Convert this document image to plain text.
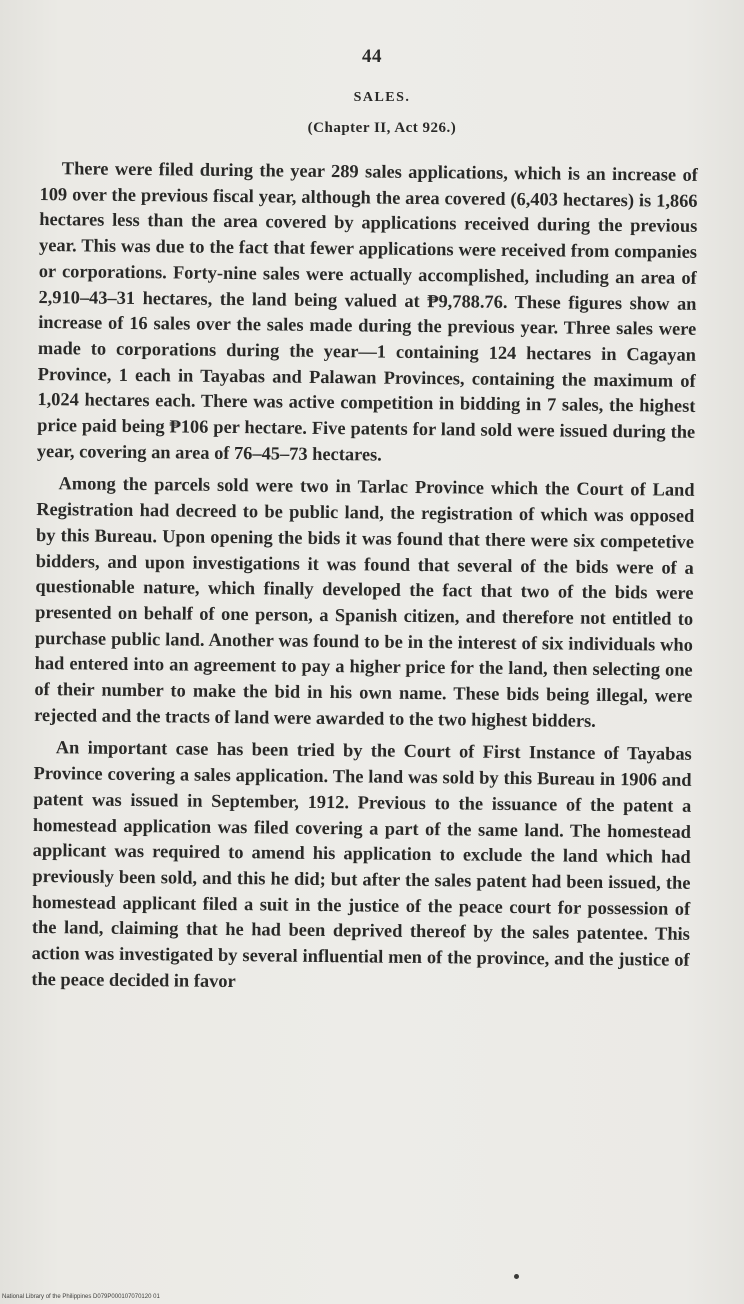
44
SALES.
(Chapter II, Act 926.)

There were filed during the year 289 sales applications, which is an increase of 109 over the previous fiscal year, although the area covered (6,403 hectares) is 1,866 hectares less than the area covered by applications received during the previous year. This was due to the fact that fewer applications were received from companies or corporations. Forty-nine sales were actually accomplished, including an area of 2,910–43–31 hectares, the land being valued at ₱9,788.76. These figures show an increase of 16 sales over the sales made during the previous year. Three sales were made to corporations during the year—1 containing 124 hectares in Cagayan Province, 1 each in Tayabas and Palawan Provinces, containing the maximum of 1,024 hectares each. There was active competition in bidding in 7 sales, the highest price paid being ₱106 per hectare. Five patents for land sold were issued during the year, covering an area of 76–45–73 hectares.

Among the parcels sold were two in Tarlac Province which the Court of Land Registration had decreed to be public land, the registration of which was opposed by this Bureau. Upon opening the bids it was found that there were six competetive bidders, and upon investigations it was found that several of the bids were of a questionable nature, which finally developed the fact that two of the bids were presented on behalf of one person, a Spanish citizen, and therefore not entitled to purchase public land. Another was found to be in the interest of six individuals who had entered into an agreement to pay a higher price for the land, then selecting one of their number to make the bid in his own name. These bids being illegal, were rejected and the tracts of land were awarded to the two highest bidders.

An important case has been tried by the Court of First Instance of Tayabas Province covering a sales application. The land was sold by this Bureau in 1906 and patent was issued in September, 1912. Previous to the issuance of the patent a homestead application was filed covering a part of the same land. The homestead applicant was required to amend his application to exclude the land which had previously been sold, and this he did; but after the sales patent had been issued, the homestead applicant filed a suit in the justice of the peace court for possession of the land, claiming that he had been deprived thereof by the sales patentee. This action was investigated by several influential men of the province, and the justice of the peace decided in favor

National Library of the Philippines D079P000107070120 01
